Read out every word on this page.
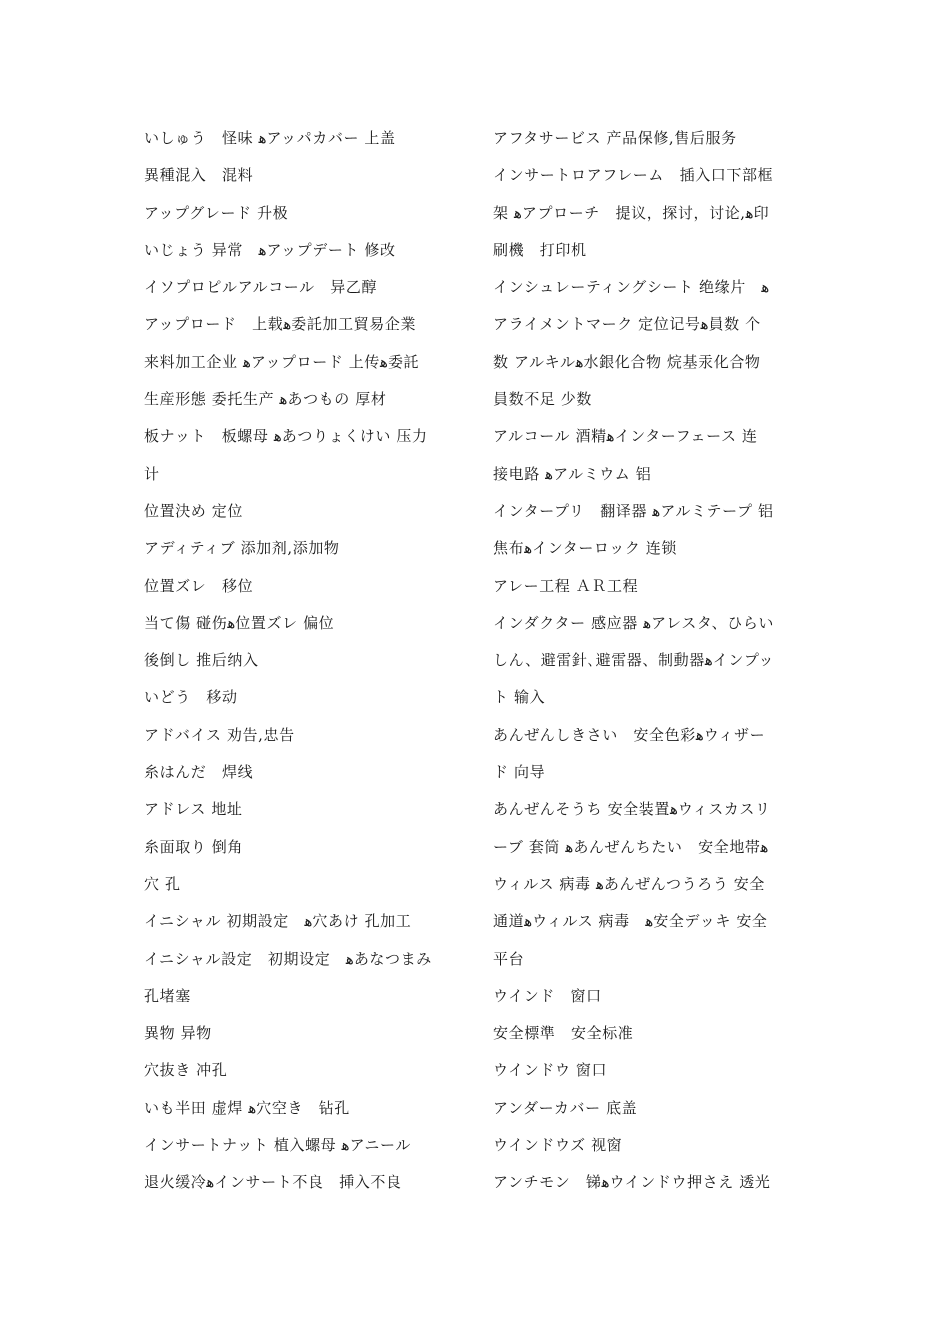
いしゅう　怪味 ﻫアッパカバー 上盖
異種混入　混料
アップグレード 升极
いじょう 异常　ﻫアップデート 修改
イソプロピルアルコール　异乙醇
アップロード　上载ﻫ委託加工貿易企業
来料加工企业 ﻫアップロード 上传ﻫ委託
生産形態 委托生产 ﻫあつもの 厚材
板ナット　板螺母 ﻫあつりょくけい 压力
计
位置決め 定位
アディティブ 添加剂,添加物
位置ズレ　移位
当て傷 碰伤ﻫ位置ズレ 偏位
後倒し 推后纳入
いどう　移动
アドバイス 劝告,忠告
糸はんだ　焊线
アドレス 地址
糸面取り 倒角
穴 孔
イニシャル 初期設定　ﻫ穴あけ 孔加工
イニシャル設定　初期设定　ﻫあなつまみ
孔堵塞
異物 异物
穴抜き 冲孔
いも半田 虚焊 ﻫ穴空き　钻孔
インサートナット 植入螺母 ﻫアニール
退火缓冷ﻫインサート不良　挿入不良
アフタサービス 产品保修,售后服务
インサートロアフレーム　插入口下部框
架 ﻫアプローチ　提议，探讨，讨论,ﻫ印
刷機　打印机
インシュレーティングシート 绝缘片　ﻫ
アライメントマーク 定位记号ﻫ員数 个
数 アルキルﻫ水銀化合物 烷基汞化合物
員数不足 少数
アルコール 酒精ﻫインターフェース 连
接电路 ﻫアルミウム 铝
インタープリ　翻译器 ﻫアルミテープ 铝
焦布ﻫインターロック 连锁
アレー工程 ＡＲ工程
インダクター 感应器 ﻫアレスタ、ひらい
しん、避雷針､避雷器、制動器ﻫインプッ
ト 输入
あんぜんしきさい　安全色彩ﻫウィザー
ド 向导
あんぜんそうち 安全装置ﻫウィスカスリ
ーブ 套筒 ﻫあんぜんちたい　安全地帯ﻫ
ウィルス 病毒 ﻫあんぜんつうろう 安全
通道ﻫウィルス 病毒　ﻫ安全デッキ 安全
平台
ウインド　窗口
安全標準　安全标准
ウインドウ 窗口
アンダーカバー 底盖
ウインドウズ 视窗
アンチモン　锑ﻫウインドウ押さえ 透光
